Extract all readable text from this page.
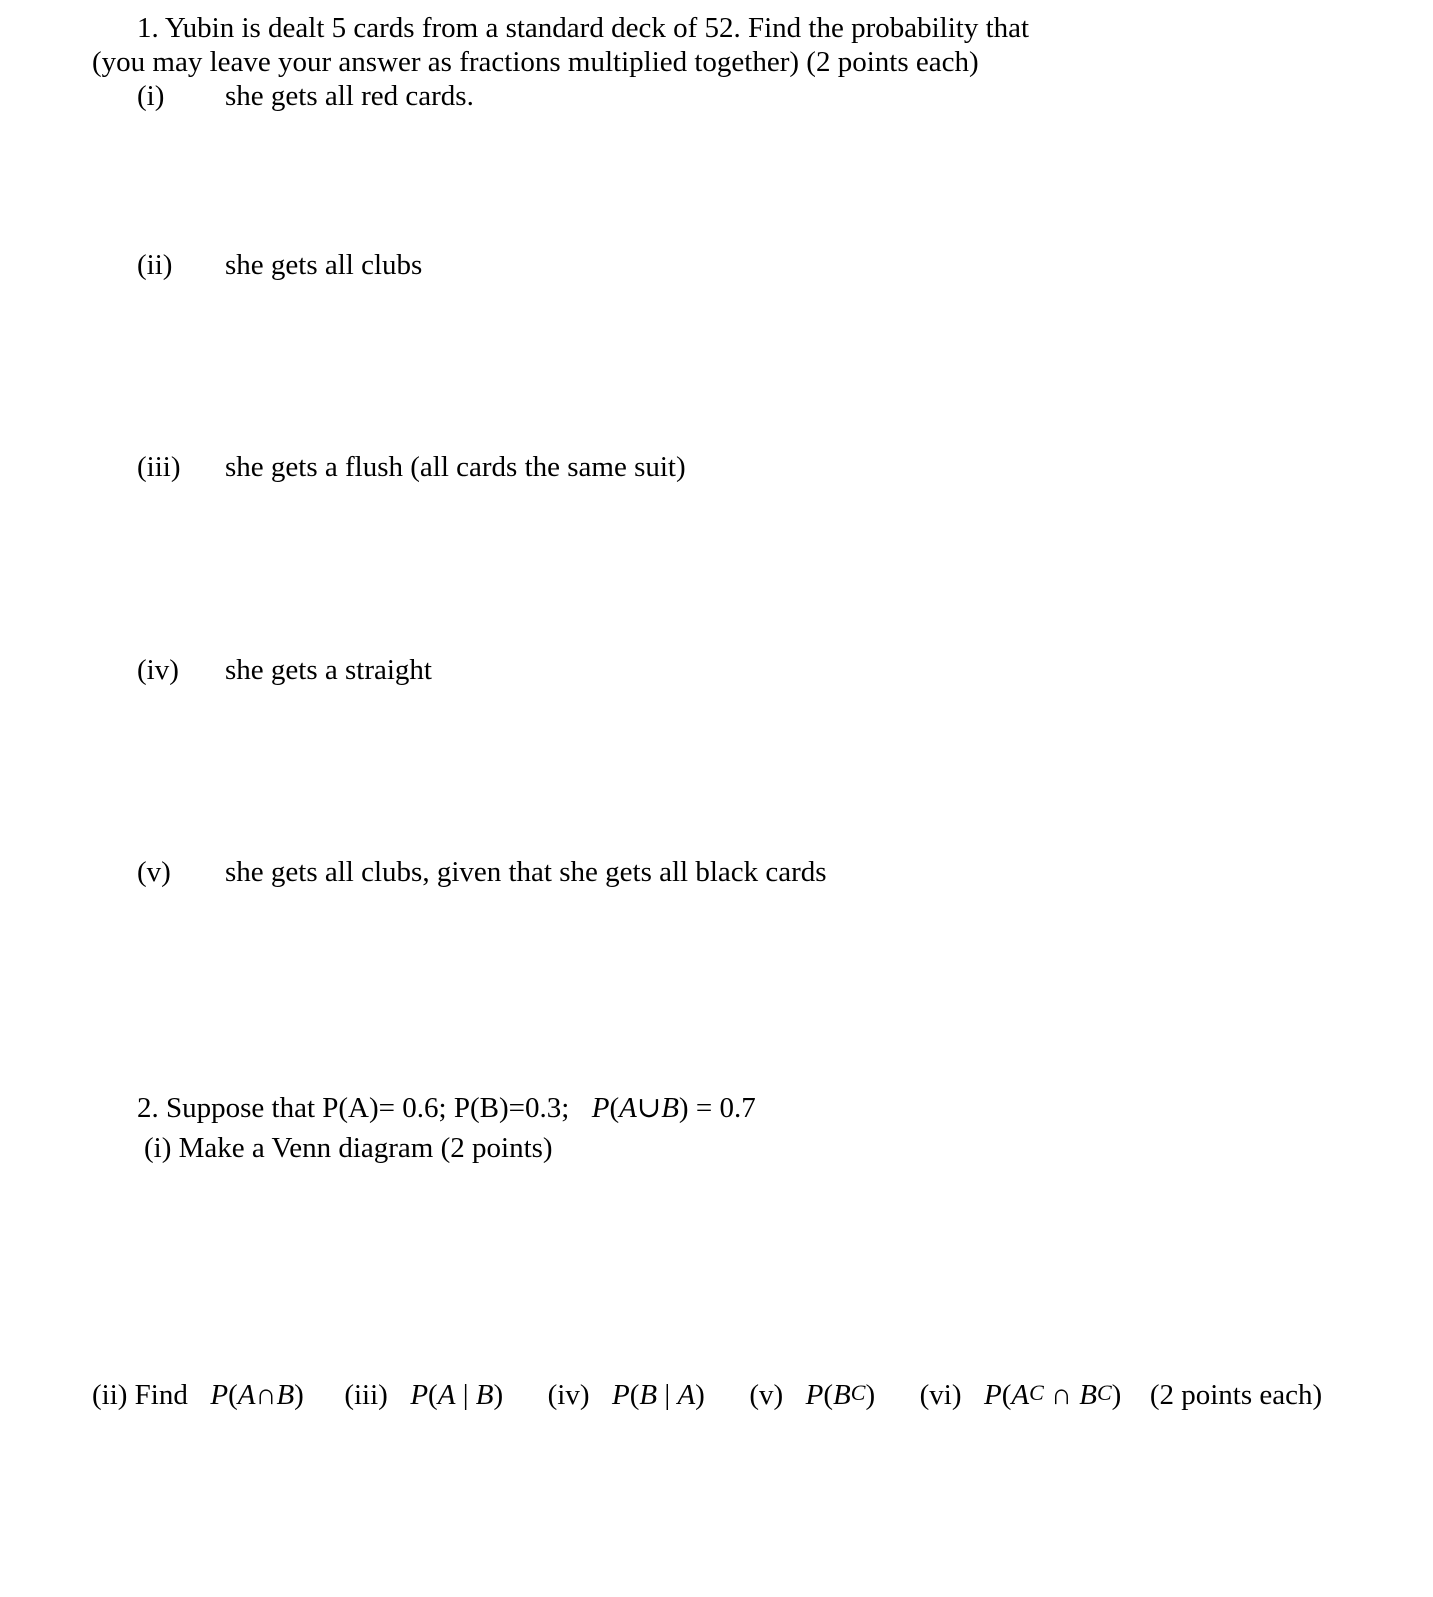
1. Yubin is dealt 5 cards from a standard deck of 52. Find the probability that
(you may leave your answer as fractions multiplied together) (2 points each)
(i) she gets all red cards.
(ii) she gets all clubs
(iii) she gets a flush (all cards the same suit)
(iv) she gets a straight
(v) she gets all clubs, given that she gets all black cards
2. Suppose that P(A)= 0.6; P(B)=0.3; P(A∪B) = 0.7
(i) Make a Venn diagram (2 points)
(ii) Find P(A∩B) (iii) P(A | B) (iv) P(B | A) (v) $P(B^C)$ (vi) $P(A^C$ ∩ $B^C$) (2 points each)
